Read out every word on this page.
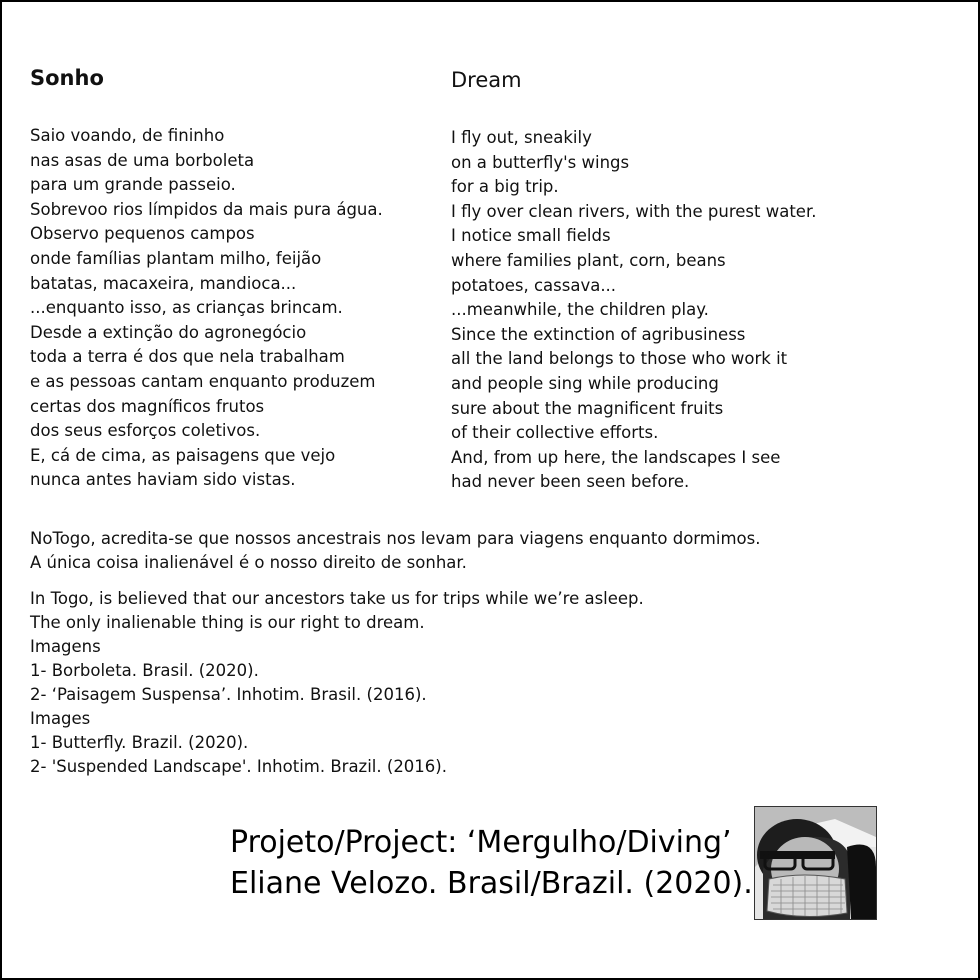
Sonho	Dream
Saio voando, de fininho
nas asas de uma borboleta
para um grande passeio.
Sobrevoo rios límpidos da mais pura água.
Observo pequenos campos
onde famílias plantam milho, feijão
batatas, macaxeira, mandioca...
...enquanto isso, as crianças brincam.
Desde a extinção do agronegócio
toda a terra é dos que nela trabalham
e as pessoas cantam enquanto produzem
certas dos magníficos frutos
dos seus esforços coletivos.
E, cá de cima, as paisagens que vejo
nunca antes haviam sido vistas.
I fly out, sneakily
on a butterfly's wings
for a big trip.
I fly over clean rivers, with the purest water.
I notice small fields
where families plant, corn, beans
potatoes, cassava...
...meanwhile, the children play.
Since the extinction of agribusiness
all the land belongs to those who work it
and people sing while producing
sure about the magnificent fruits
of their collective efforts.
And, from up here, the landscapes I see
had never been seen before.
NoTogo, acredita-se que nossos ancestrais nos levam para viagens enquanto dormimos.
A única coisa inalienável é o nosso direito de sonhar.
In Togo, is believed that our ancestors take us for trips while we’re asleep.
The only inalienable thing is our right to dream.
Imagens
1- Borboleta. Brasil. (2020).
2- ‘Paisagem Suspensa’. Inhotim. Brasil. (2016).
Images
1- Butterfly. Brazil. (2020).
2- 'Suspended Landscape'. Inhotim. Brazil. (2016).
Projeto/Project: ‘Mergulho/Diving’
Eliane Velozo. Brasil/Brazil. (2020).
